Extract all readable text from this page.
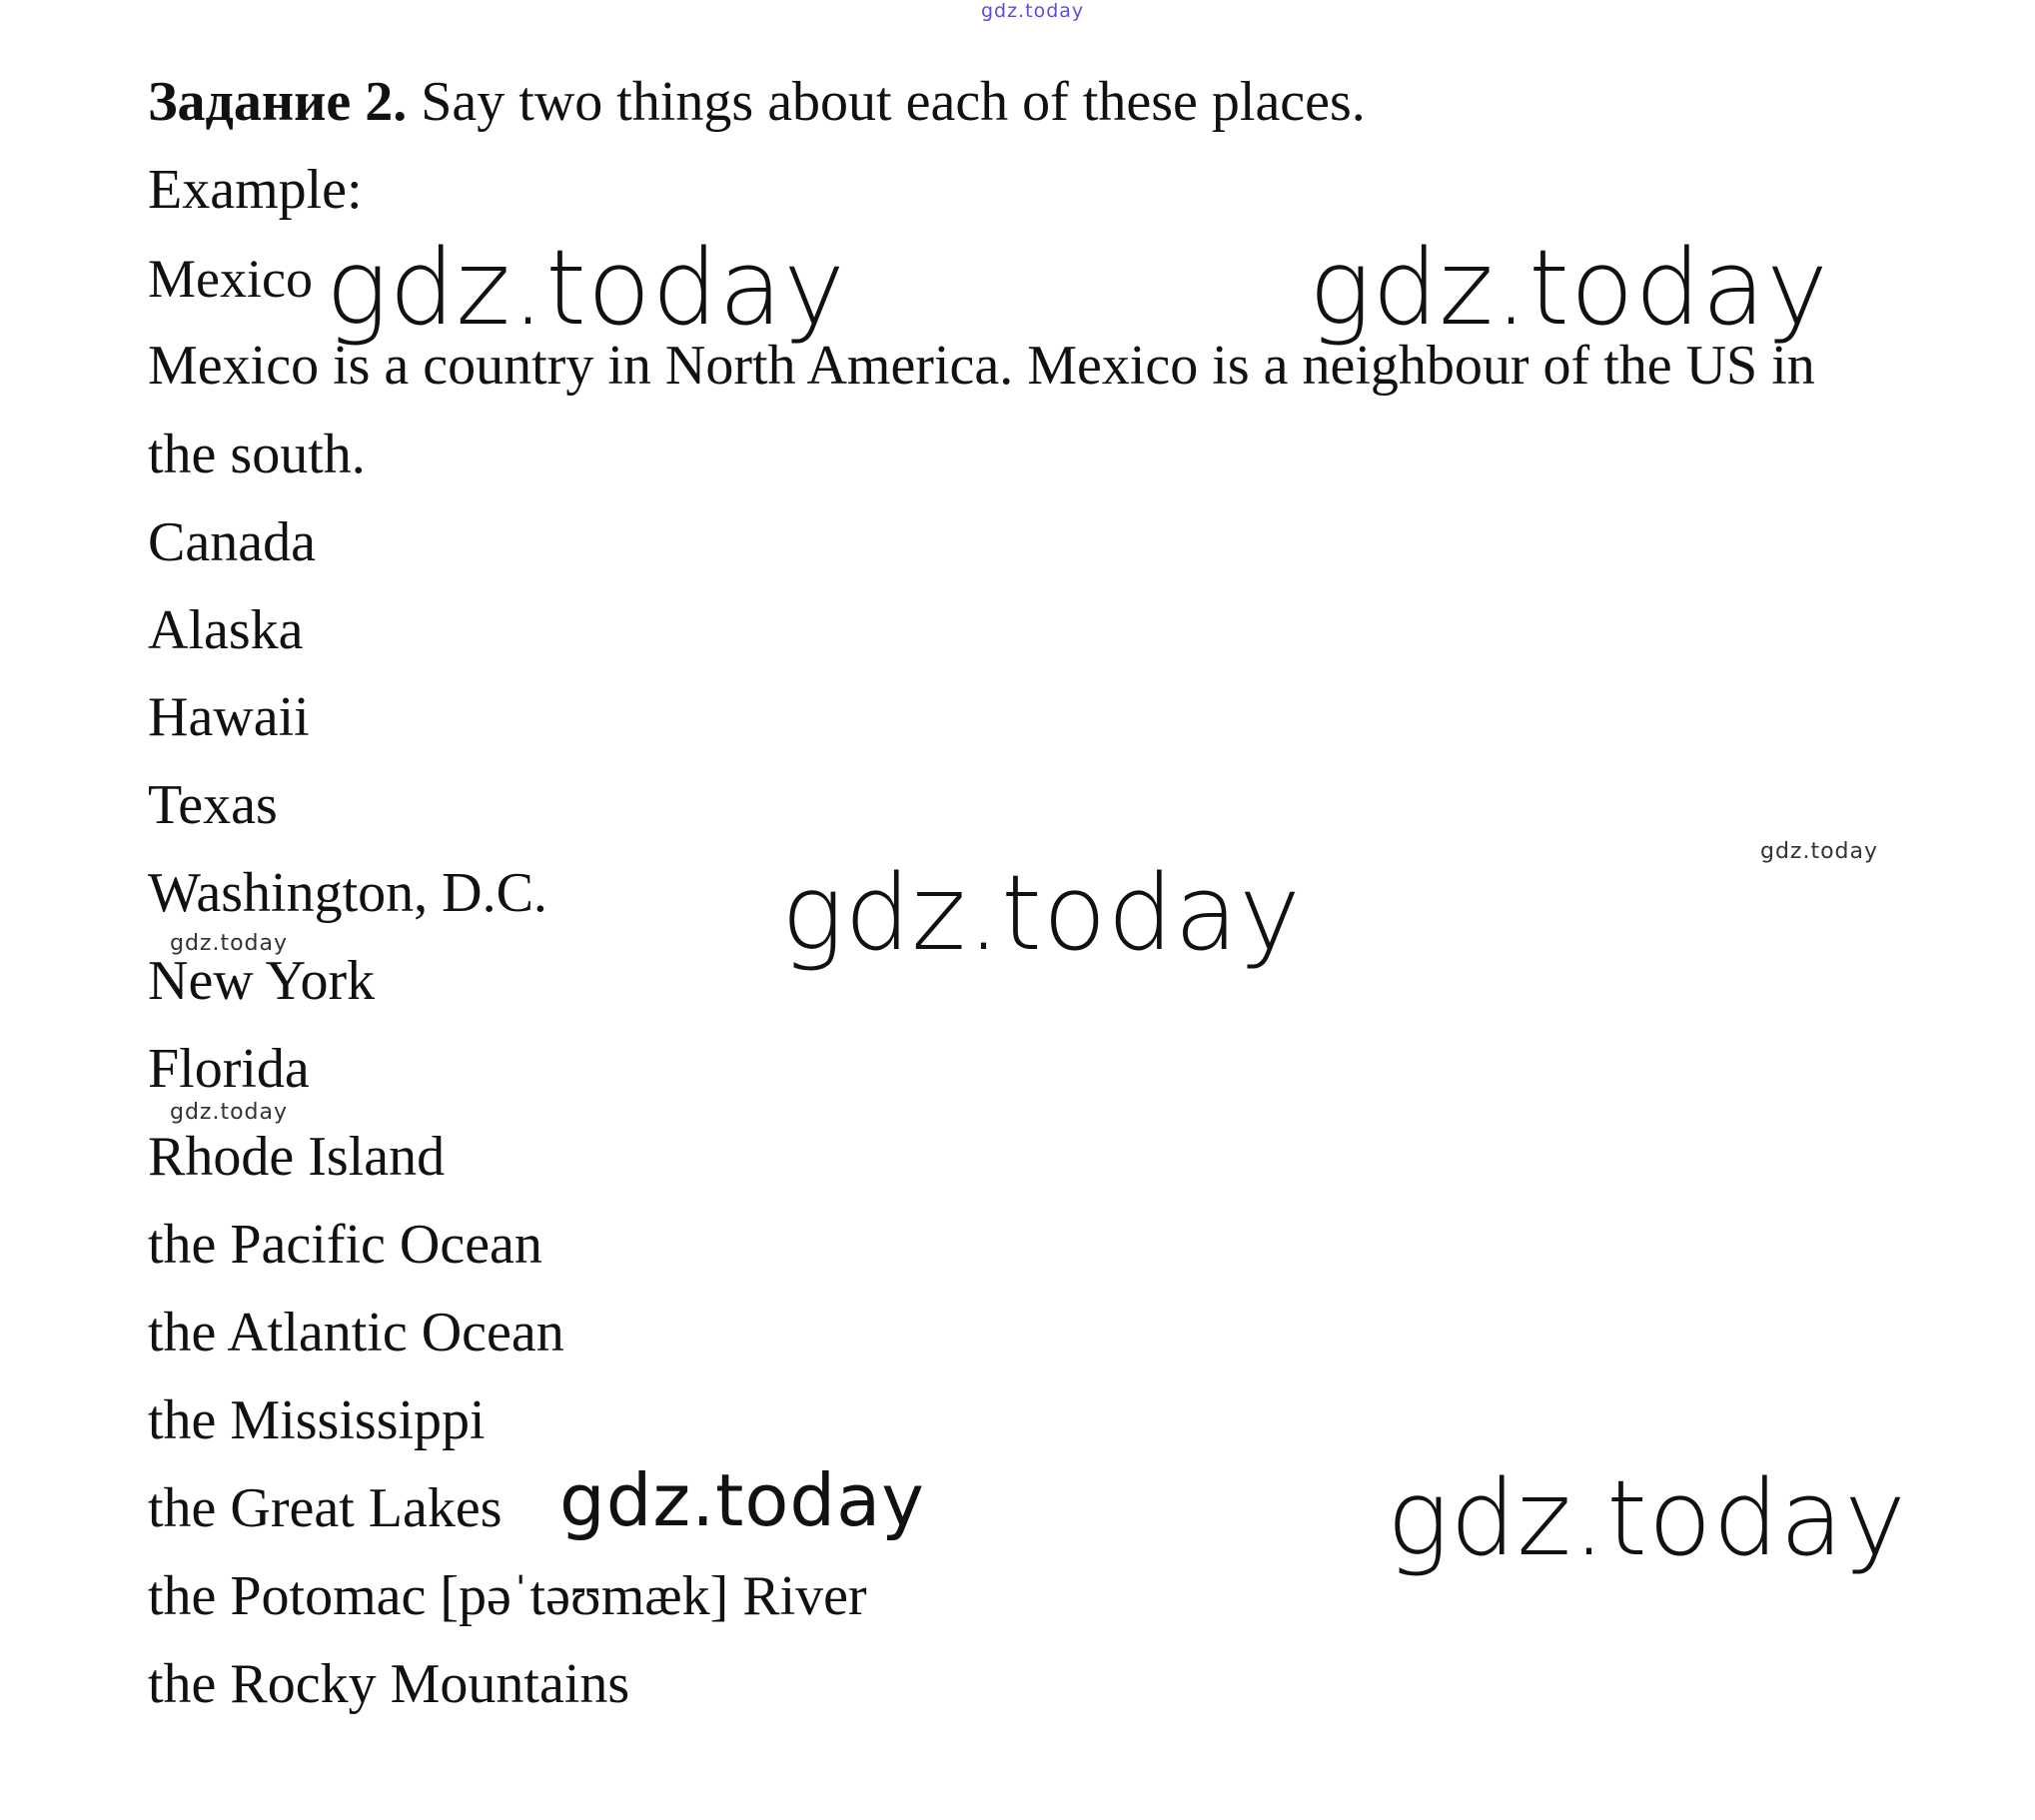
gdz.today
Задание 2. Say two things about each of these places.
Example:
Mexico
Mexico is a country in North America. Mexico is a neighbour of the US in
the south.
Canada
Alaska
Hawaii
Texas
Washington, D.C.
New York
Florida
Rhode Island
the Pacific Ocean
the Atlantic Ocean
the Mississippi
the Great Lakes
the Potomac [pəˈtəʊmæk] River
the Rocky Mountains
gdz.today	gdz.today
gdz.today
gdz.today
gdz.today
gdz.today
gdz.today
gdz.today
